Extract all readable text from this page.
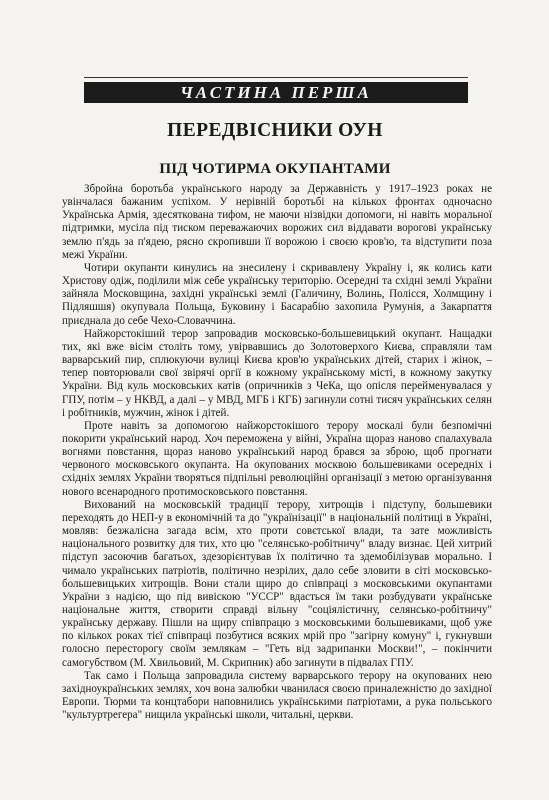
ЧАСТИНА ПЕРША
ПЕРЕДВІСНИКИ ОУН
ПІД ЧОТИРМА ОКУПАНТАМИ

Збройна боротьба українського народу за Державність у 1917–1923 роках не увінчалася бажаним успіхом. У нерівній боротьбі на кількох фронтах одночасно Українська Армія, здесяткована тифом, не маючи нізвідки допомоги, ні навіть моральної підтримки, мусіла під тиском переважаючих ворожих сил віддавати ворогові українську землю п'ядь за п'ядею, рясно скропивши її ворожою і своєю кров'ю, та відступити поза межі України.

Чотири окупанти кинулись на знесилену і скривавлену Україну і, як колись кати Христову одіж, поділили між себе українську територію. Осередні та східні землі України зайняла Московщина, західні українські землі (Галичину, Волинь, Полісся, Холмщину і Підляшшя) окупувала Польща, Буковину і Басарабію захопила Румунія, а Закарпаття приєднала до себе Чехо-Словаччина.

Найжорстокіший терор запровадив московсько-большевицький окупант. Нащадки тих, які вже вісім століть тому, увірвавшись до Золотоверхого Києва, справляли там варварський пир, сплюкуючи вулиці Києва кров'ю українських дітей, старих і жінок, – тепер повторювали свої звірячі оргії в кожному українському місті, в кожному закутку України. Від куль московських катів (опричників з ЧеКа, що опісля перейменувалася у ГПУ, потім – у НКВД, а далі – у МВД, МГБ і КГБ) загинули сотні тисяч українських селян і робітників, мужчин, жінок і дітей.

Проте навіть за допомогою найжорстокішого терору москалі були безпомічні покорити український народ. Хоч переможена у війні, Україна щораз наново спалахувала вогнями повстання, щораз наново український народ брався за зброю, щоб прогнати червоного московського окупанта. На окупованих москвою большевиками осередніх і східніх землях України творяться підпільні революційні організації з метою організування нового всенародного протимосковського повстання.

Вихований на московській традиції терору, хитрощів і підступу, большевики переходять до НЕП-у в економічній та до "українізації" в національній політиці в Україні, мовляв: безжалісна загада всім, хто проти совєтської влади, та зате можливість національного розвитку для тих, хто цю "селянсько-робітничу" владу визнає. Цей хитрий підступ засоючив багатьох, здезорієнтував їх політично та здемобілізував морально. І чимало українських патріотів, політично незрілих, дало себе зловити в сіті московсько-большевицьких хитрощів. Вони стали щиро до співпраці з московськими окупантами України з надією, що під вивіскою "УССР" вдасться їм таки розбудувати українське національне життя, створити справді вільну "соціялістичну, селянсько-робітничу" українську державу. Пішли на щиру співпрацю з московськими большевиками, щоб уже по кількох роках тієї співпраці позбутися всяких мрій про "загірну комуну" і, гукнувши голосно пересторогу своїм землякам – "Геть від задрипанки Москви!", – покінчити самогубством (М. Хвильовий, М. Скрипник) або загинути в підвалах ГПУ.

Так само і Польща запровадила систему варварського терору на окупованих нею західноукраїнських землях, хоч вона залюбки чванилася своєю приналежністю до західної Европи. Тюрми та концтабори наповнились українськими патріотами, а рука польського "культуртрегера" нищила українські школи, читальні, церкви.
